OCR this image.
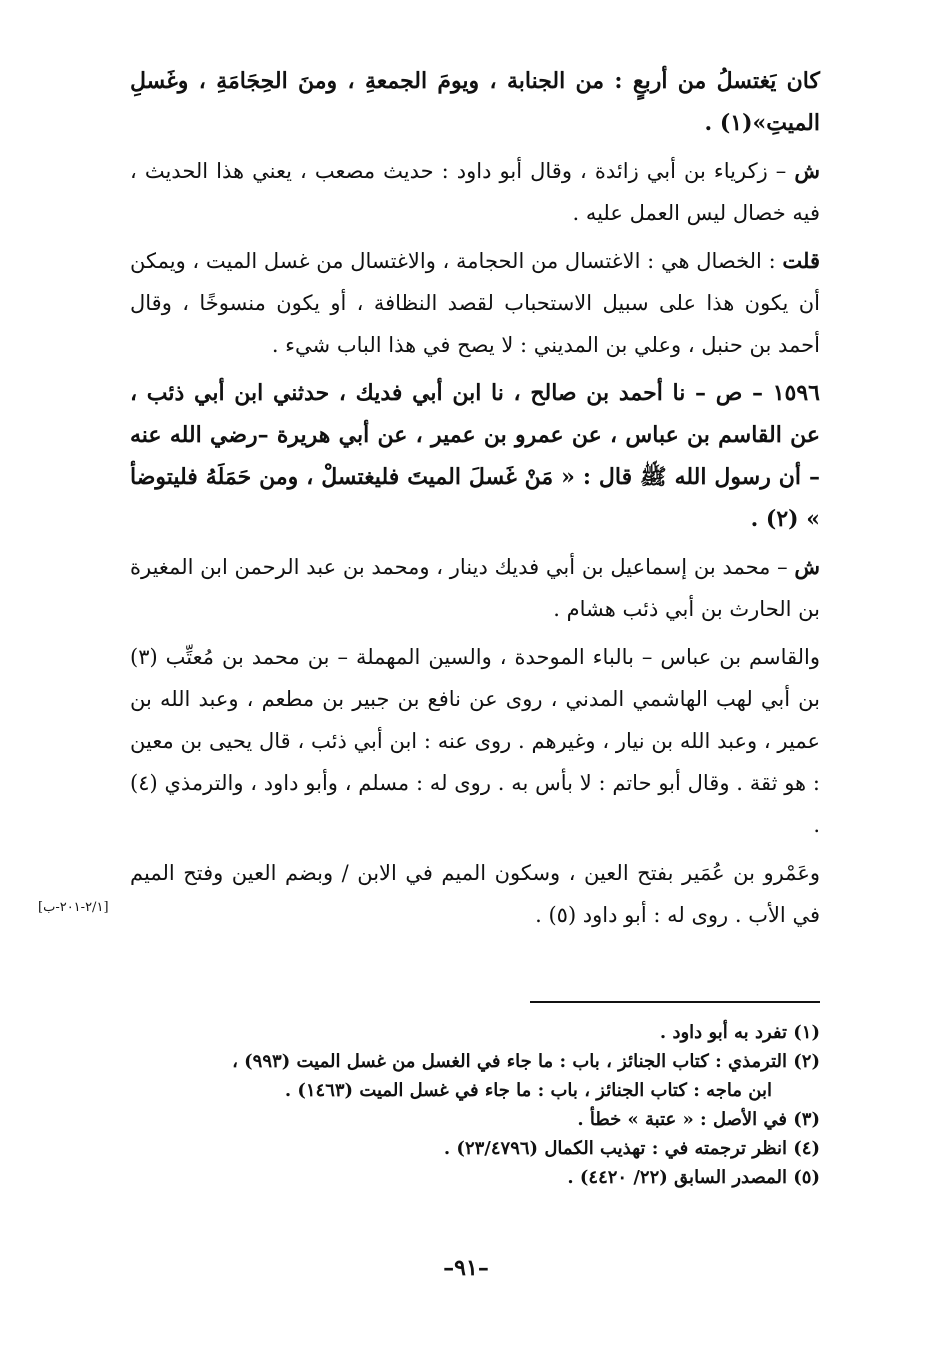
كان يَغتسلُ من أربعٍ : من الجنابة ، ويومَ الجمعةِ ، ومنَ الحِجَامَةِ ، وغَسلِ الميتِ»(١) .

ش – زكرياء بن أبي زائدة ، وقال أبو داود : حديث مصعب ، يعني هذا الحديث ، فيه خصال ليس العمل عليه .

قلت : الخصال هي : الاغتسال من الحجامة ، والاغتسال من غسل الميت ، ويمكن أن يكون هذا على سبيل الاستحباب لقصد النظافة ، أو يكون منسوخًا ، وقال أحمد بن حنبل ، وعلي بن المديني : لا يصح في هذا الباب شيء .

١٥٩٦ – ص – نا أحمد بن صالح ، نا ابن أبي فديك ، حدثني ابن أبي ذئب ، عن القاسم بن عباس ، عن عمرو بن عمير ، عن أبي هريرة –رضي الله عنه – أن رسول الله ﷺ قال : « مَنْ غَسلَ الميتَ فليغتسلْ ، ومن حَمَلَهُ فليتوضأ » (٢) .

ش – محمد بن إسماعيل بن أبي فديك دينار ، ومحمد بن عبد الرحمن ابن المغيرة بن الحارث بن أبي ذئب هشام .

والقاسم بن عباس – بالباء الموحدة ، والسين المهملة – بن محمد بن مُعتِّب (٣) بن أبي لهب الهاشمي المدني ، روى عن نافع بن جبير بن مطعم ، وعبد الله بن عمير ، وعبد الله بن نيار ، وغيرهم . روى عنه : ابن أبي ذئب ، قال يحيى بن معين : هو ثقة . وقال أبو حاتم : لا بأس به . روى له : مسلم ، وأبو داود ، والترمذي (٤) .

وعَمْرو بن عُمَير بفتح العين ، وسكون الميم في الابن / وبضم العين وفتح الميم في الأب . روى له : أبو داود (٥) .

[٢/١-٢٠١-ب]

(١) تفرد به أبو داود .

(٢) الترمذي : كتاب الجنائز ، باب : ما جاء في الغسل من غسل الميت (٩٩٣) ،

ابن ماجه : كتاب الجنائز ، باب : ما جاء في غسل الميت (١٤٦٣) .

(٣) في الأصل : « عتبة » خطأ .

(٤) انظر ترجمته في : تهذيب الكمال (٢٣/٤٧٩٦) .

(٥) المصدر السابق (٢٢/ ٤٤٢٠) .

–٩١–
